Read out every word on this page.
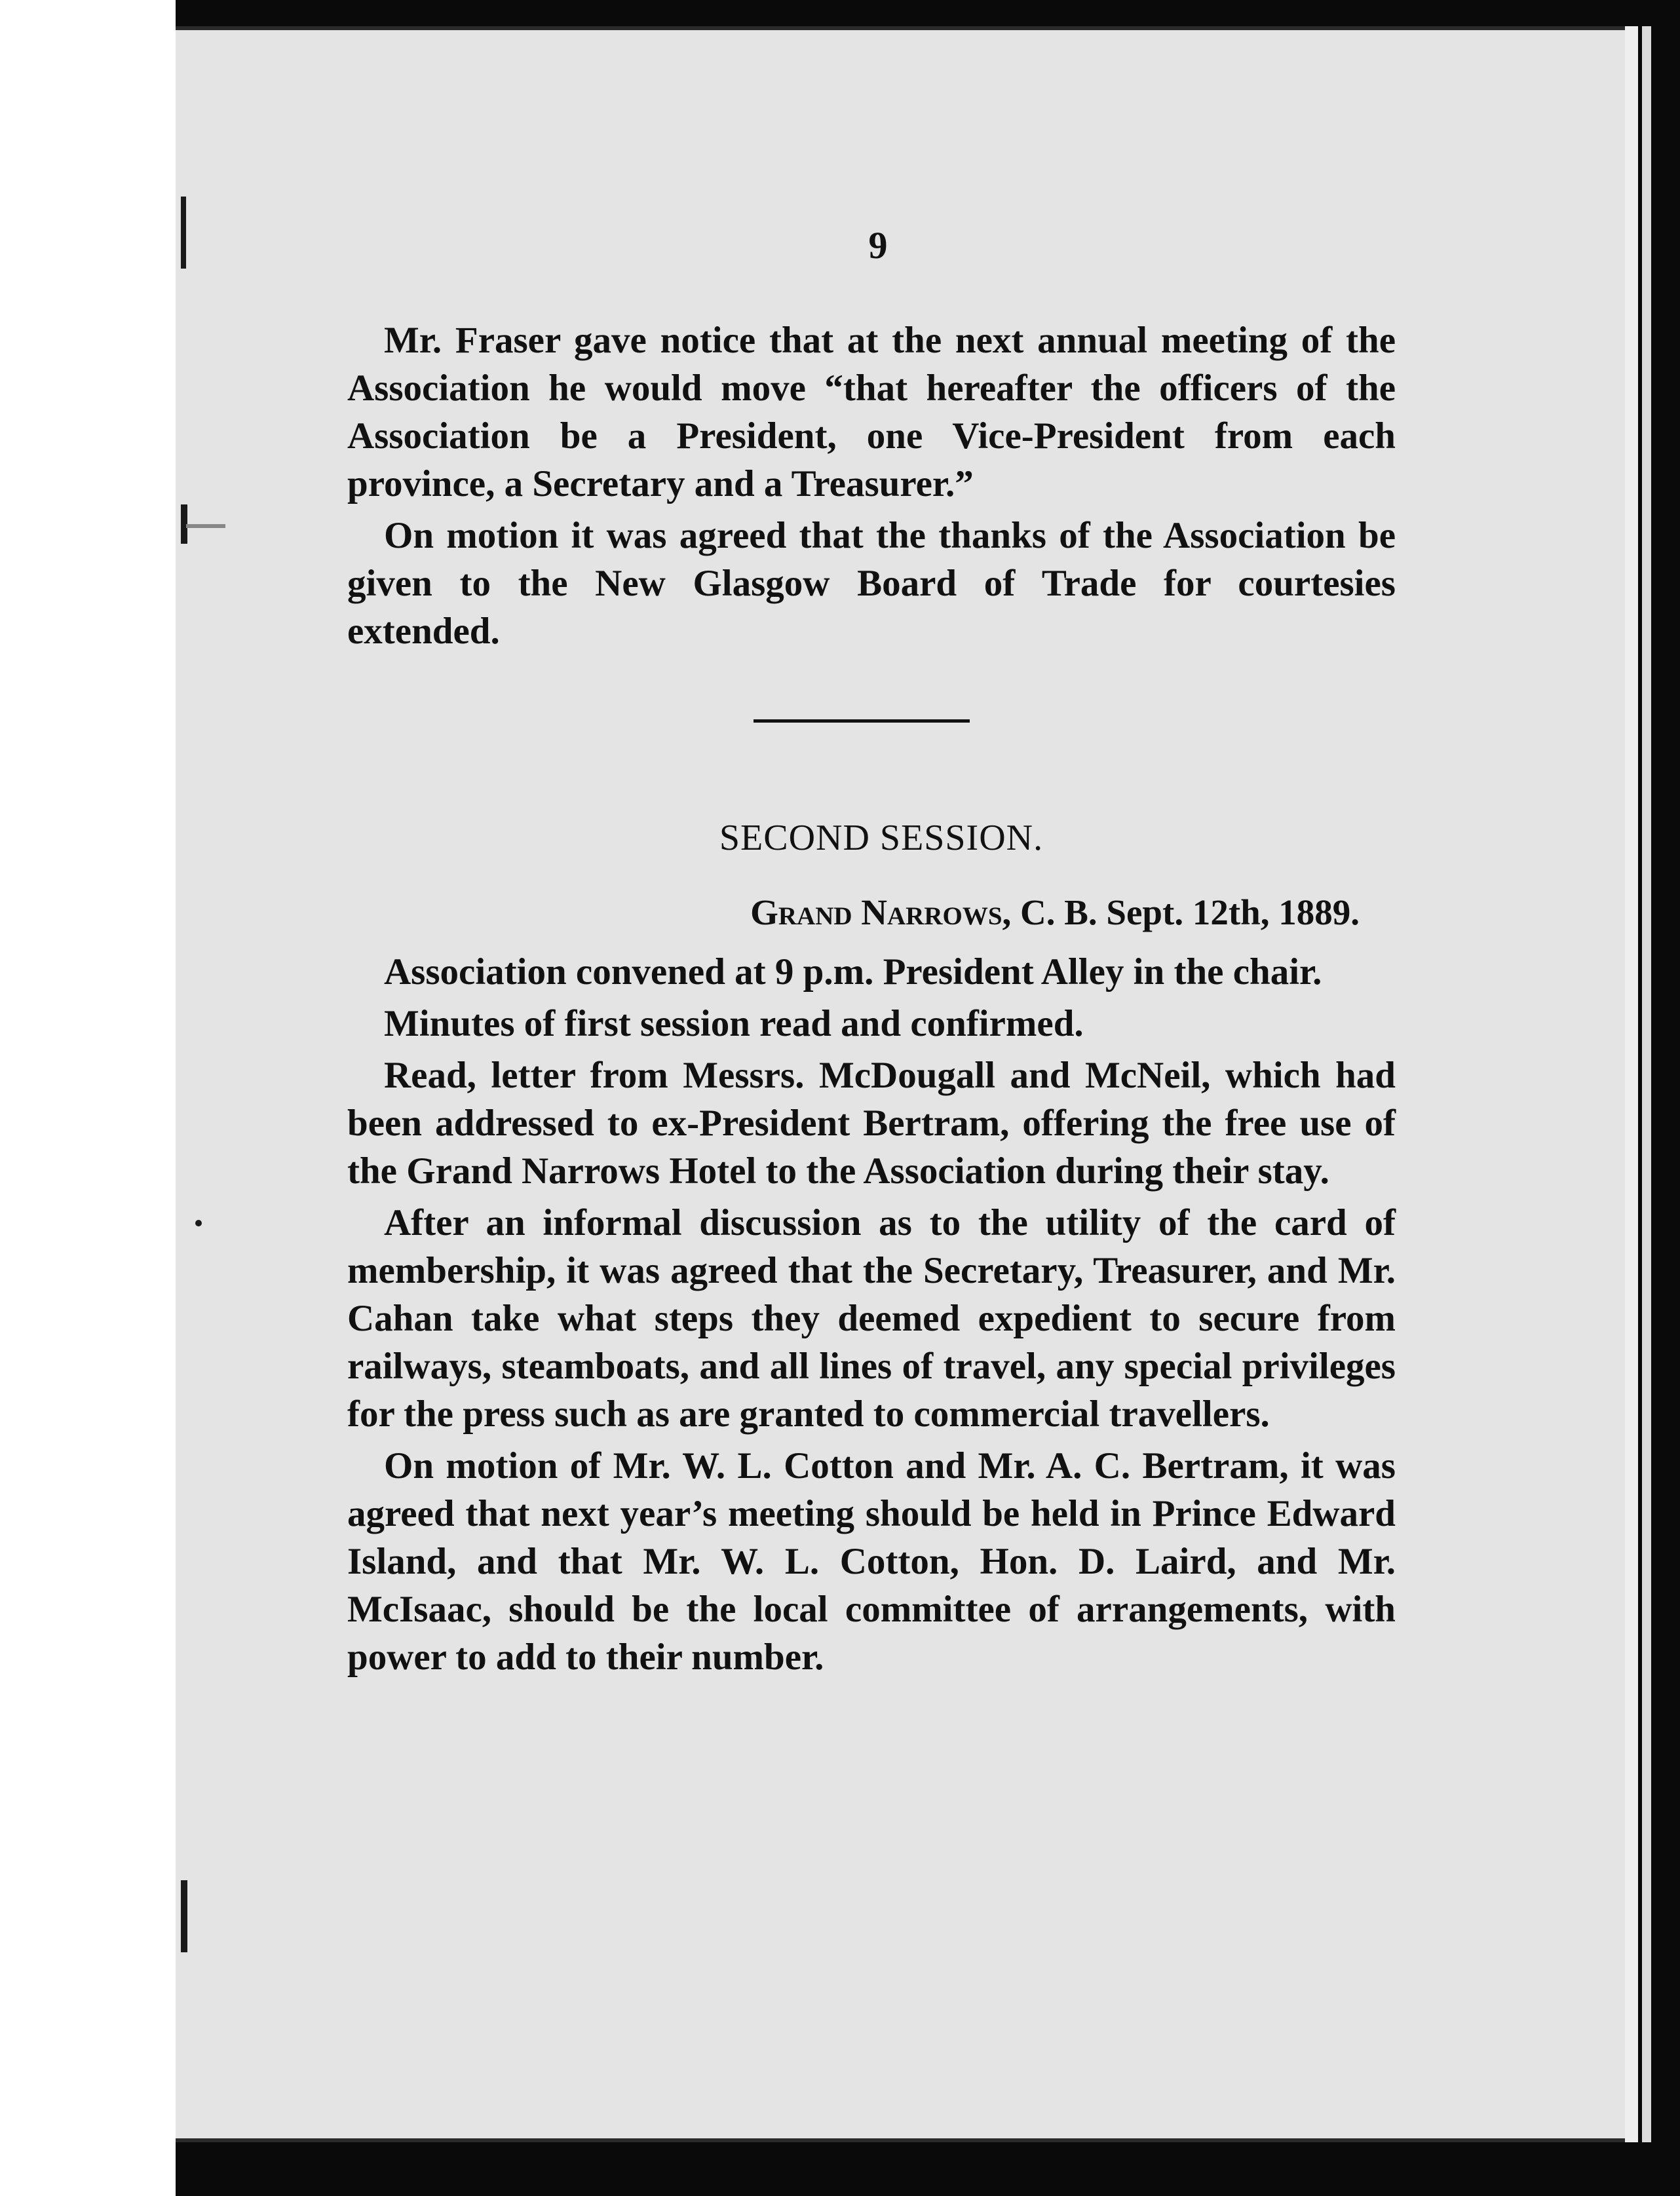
9

Mr. Fraser gave notice that at the next annual meeting of the Association he would move “that hereafter the officers of the Association be a President, one Vice-President from each province, a Secretary and a Treasurer.”

On motion it was agreed that the thanks of the Association be given to the New Glasgow Board of Trade for courtesies extended.

SECOND SESSION.
Grand Narrows, C. B. Sept. 12th, 1889.

Association convened at 9 p.m. President Alley in the chair.

Minutes of first session read and confirmed.

Read, letter from Messrs. McDougall and McNeil, which had been addressed to ex-President Bertram, offering the free use of the Grand Narrows Hotel to the Association during their stay.

After an informal discussion as to the utility of the card of membership, it was agreed that the Secretary, Treasurer, and Mr. Cahan take what steps they deemed expedient to secure from railways, steamboats, and all lines of travel, any special privileges for the press such as are granted to commercial travellers.

On motion of Mr. W. L. Cotton and Mr. A. C. Bertram, it was agreed that next year’s meeting should be held in Prince Edward Island, and that Mr. W. L. Cotton, Hon. D. Laird, and Mr. McIsaac, should be the local committee of arrangements, with power to add to their number.
